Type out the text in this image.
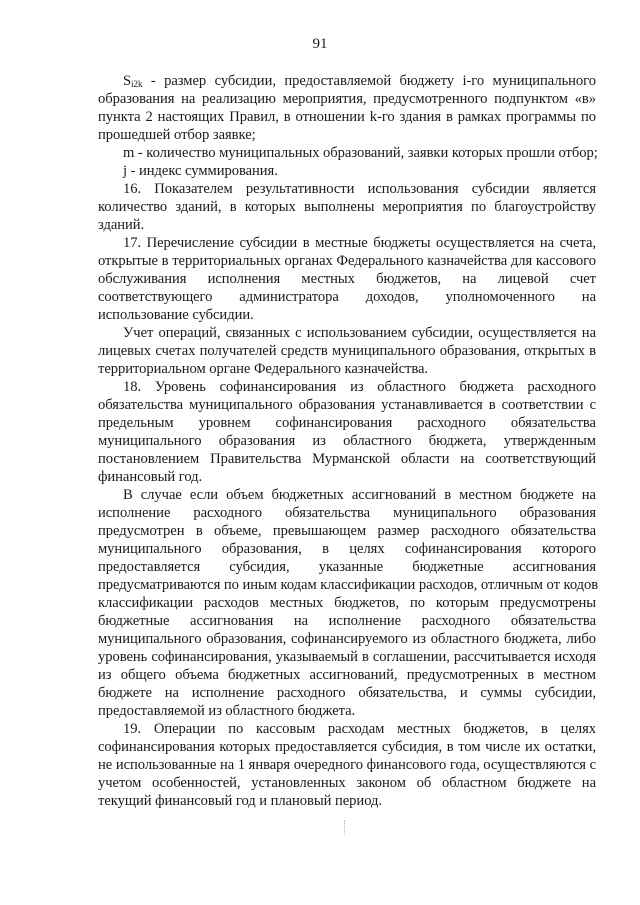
91
$S_{i2k}$ - размер субсидии, предоставляемой бюджету i-го муниципального
образования на реализацию мероприятия, предусмотренного подпунктом «в»
пункта 2 настоящих Правил, в отношении k-го здания в рамках программы по
прошедшей отбор заявке;
m - количество муниципальных образований, заявки которых прошли отбор;
j - индекс суммирования.
16. Показателем результативности использования субсидии является
количество зданий, в которых выполнены мероприятия по благоустройству
зданий.
17. Перечисление субсидии в местные бюджеты осуществляется на счета,
открытые в территориальных органах Федерального казначейства для кассового
обслуживания исполнения местных бюджетов, на лицевой счет
соответствующего администратора доходов, уполномоченного на
использование субсидии.
Учет операций, связанных с использованием субсидии, осуществляется на
лицевых счетах получателей средств муниципального образования, открытых в
территориальном органе Федерального казначейства.
18. Уровень софинансирования из областного бюджета расходного
обязательства муниципального образования устанавливается в соответствии с
предельным уровнем софинансирования расходного обязательства
муниципального образования из областного бюджета, утвержденным
постановлением Правительства Мурманской области на соответствующий
финансовый год.
В случае если объем бюджетных ассигнований в местном бюджете на
исполнение расходного обязательства муниципального образования
предусмотрен в объеме, превышающем размер расходного обязательства
муниципального образования, в целях софинансирования которого
предоставляется субсидия, указанные бюджетные ассигнования
предусматриваются по иным кодам классификации расходов, отличным от кодов
классификации расходов местных бюджетов, по которым предусмотрены
бюджетные ассигнования на исполнение расходного обязательства
муниципального образования, софинансируемого из областного бюджета, либо
уровень софинансирования, указываемый в соглашении, рассчитывается исходя
из общего объема бюджетных ассигнований, предусмотренных в местном
бюджете на исполнение расходного обязательства, и суммы субсидии,
предоставляемой из областного бюджета.
19. Операции по кассовым расходам местных бюджетов, в целях
софинансирования которых предоставляется субсидия, в том числе их остатки,
не использованные на 1 января очередного финансового года, осуществляются с
учетом особенностей, установленных законом об областном бюджете на
текущий финансовый год и плановый период.
